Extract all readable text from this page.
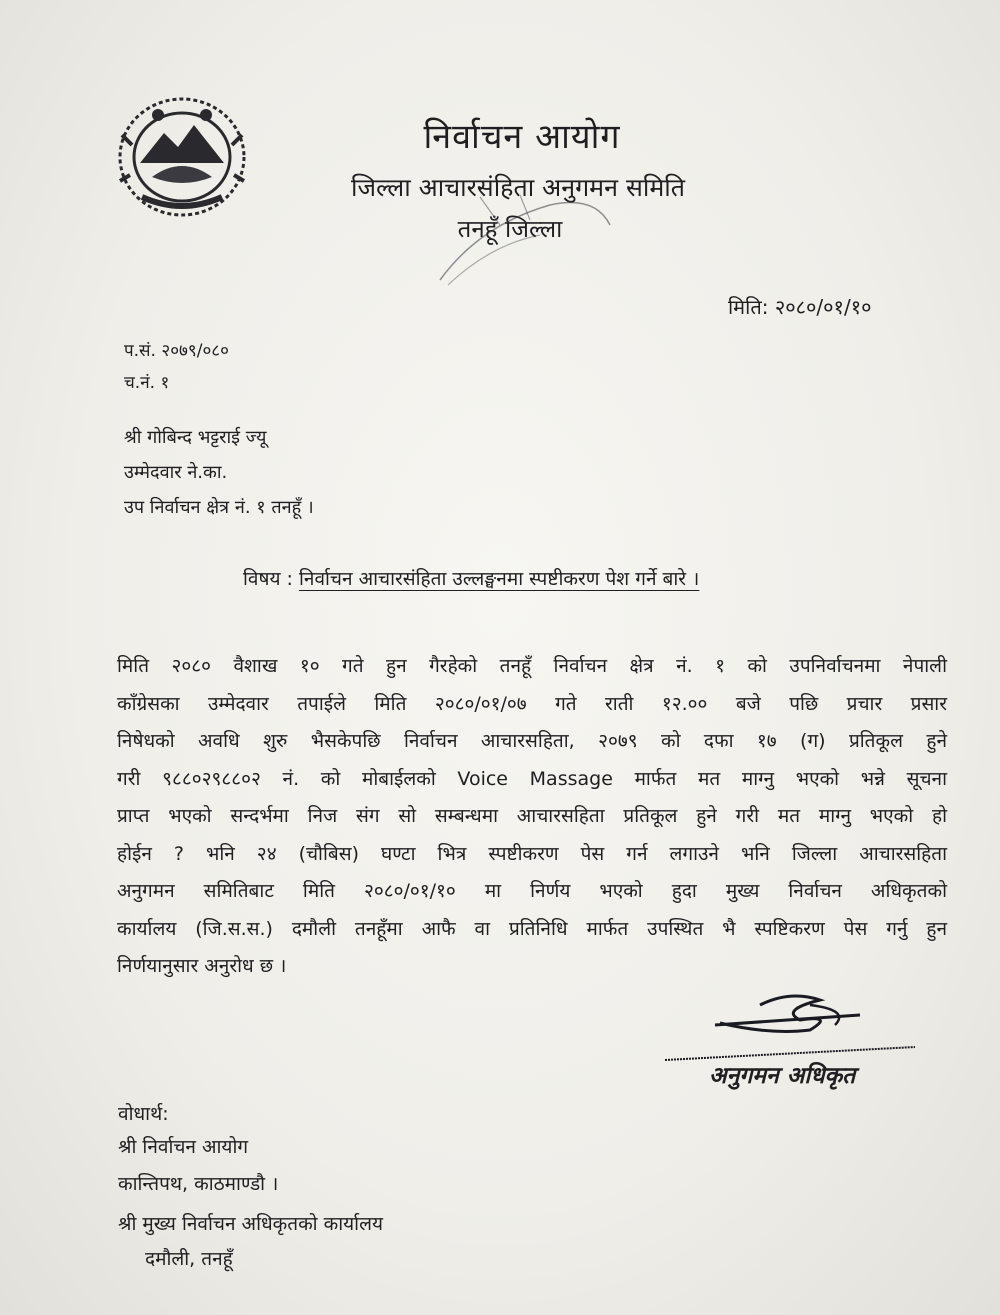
निर्वाचन आयोग
जिल्ला आचारसंहिता अनुगमन समिति
तनहूँ जिल्ला
मिति: २०८०/०१/१०
प.सं. २०७९/०८०
च.नं. १
श्री गोबिन्द भट्टराई ज्यू
उम्मेदवार ने.का.
उप निर्वाचन क्षेत्र नं. १ तनहूँ ।
विषय : निर्वाचन आचारसंहिता उल्लङ्घनमा स्पष्टीकरण पेश गर्ने बारे ।
मिति २०८० वैशाख १० गते हुन गैरहेको तनहूँ निर्वाचन क्षेत्र नं. १ को उपनिर्वाचनमा नेपाली
काँग्रेसका उम्मेदवार तपाईले मिति २०८०/०१/०७ गते राती १२.०० बजे पछि प्रचार प्रसार
निषेधको अवधि शुरु भैसकेपछि निर्वाचन आचारसहिता, २०७९ को दफा १७ (ग) प्रतिकूल हुने
गरी ९८८०२९८८०२ नं. को मोबाईलको Voice Massage मार्फत मत माग्नु भएको भन्ने सूचना
प्राप्त भएको सन्दर्भमा निज संग सो सम्बन्धमा आचारसहिता प्रतिकूल हुने गरी मत माग्नु भएको हो
होईन ? भनि २४ (चौबिस) घण्टा भित्र स्पष्टीकरण पेस गर्न लगाउने भनि जिल्ला आचारसहिता
अनुगमन समितिबाट मिति २०८०/०१/१० मा निर्णय भएको हुदा मुख्य निर्वाचन अधिकृतको
कार्यालय (जि.स.स.) दमौली तनहूँमा आफै वा प्रतिनिधि मार्फत उपस्थित भै स्पष्टिकरण पेस गर्नु हुन
निर्णयानुसार अनुरोध छ ।
अनुगमन अधिकृत
वोधार्थ:
श्री निर्वाचन आयोग
कान्तिपथ, काठमाण्डौ ।
श्री मुख्य निर्वाचन अधिकृतको कार्यालय
दमौली, तनहूँ
